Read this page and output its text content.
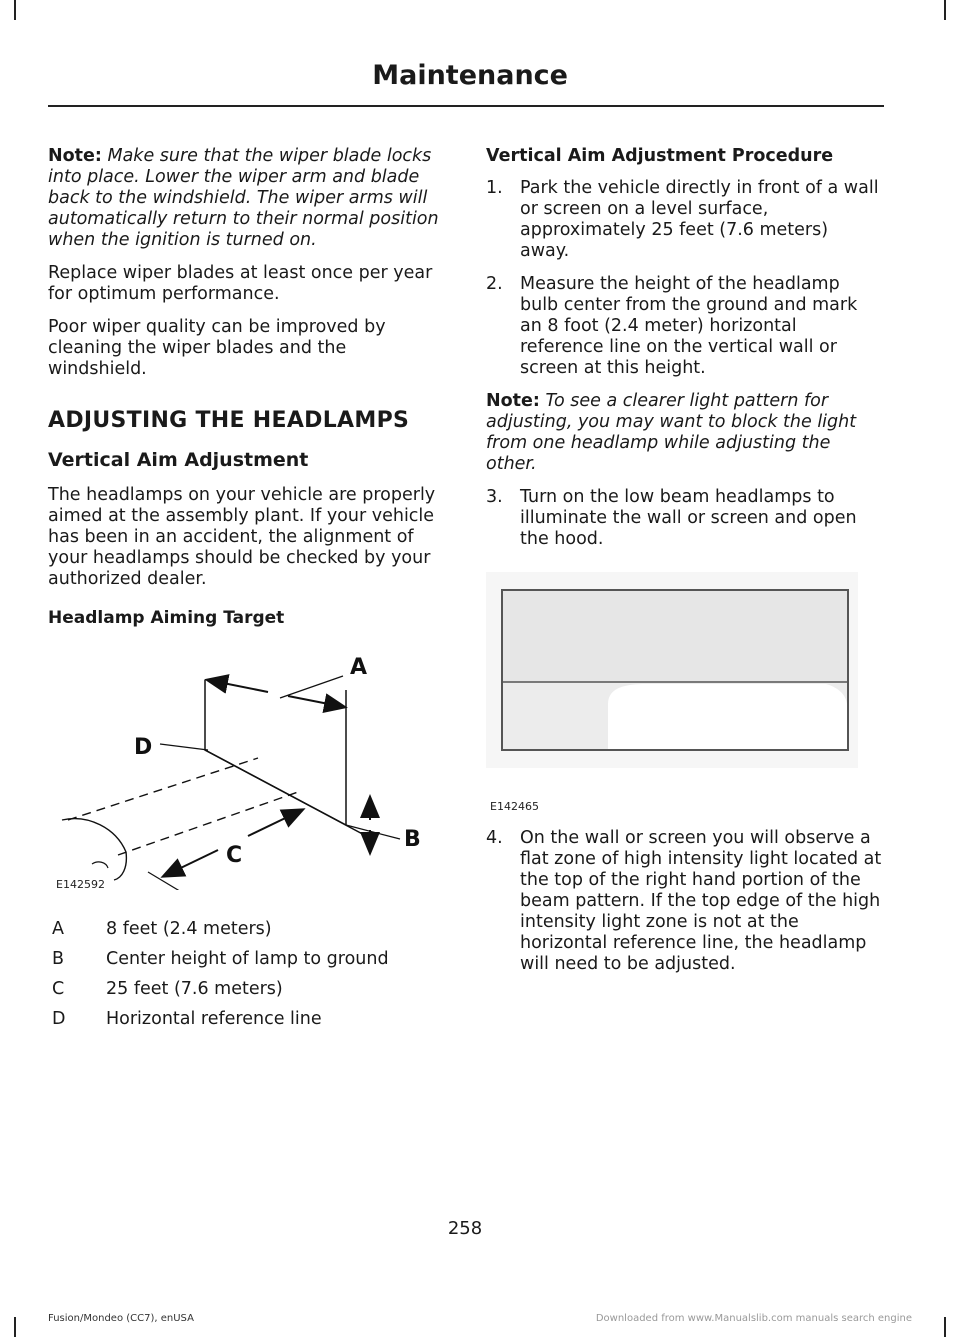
Maintenance

Note: Make sure that the wiper blade locks into place. Lower the wiper arm and blade back to the windshield. The wiper arms will automatically return to their normal position when the ignition is turned on.

Replace wiper blades at least once per year for optimum performance.

Poor wiper quality can be improved by cleaning the wiper blades and the windshield.

ADJUSTING THE HEADLAMPS
Vertical Aim Adjustment

The headlamps on your vehicle are properly aimed at the assembly plant. If your vehicle has been in an accident, the alignment of your headlamps should be checked by your authorized dealer.

Headlamp Aiming Target
A
B
C
D
E142592
A	8 feet (2.4 meters)
B	Center height of lamp to ground
C	25 feet (7.6 meters)
D	Horizontal reference line
Vertical Aim Adjustment Procedure
1. Park the vehicle directly in front of a wall or screen on a level surface, approximately 25 feet (7.6 meters) away.
2. Measure the height of the headlamp bulb center from the ground and mark an 8 foot (2.4 meter) horizontal reference line on the vertical wall or screen at this height.

Note: To see a clearer light pattern for adjusting, you may want to block the light from one headlamp while adjusting the other.

3. Turn on the low beam headlamps to illuminate the wall or screen and open the hood.
E142465
4. On the wall or screen you will observe a flat zone of high intensity light located at the top of the right hand portion of the beam pattern. If the top edge of the high intensity light zone is not at the horizontal reference line, the headlamp will need to be adjusted.
258
Fusion/Mondeo (CC7), enUSA	Downloaded from www.Manualslib.com manuals search engine
